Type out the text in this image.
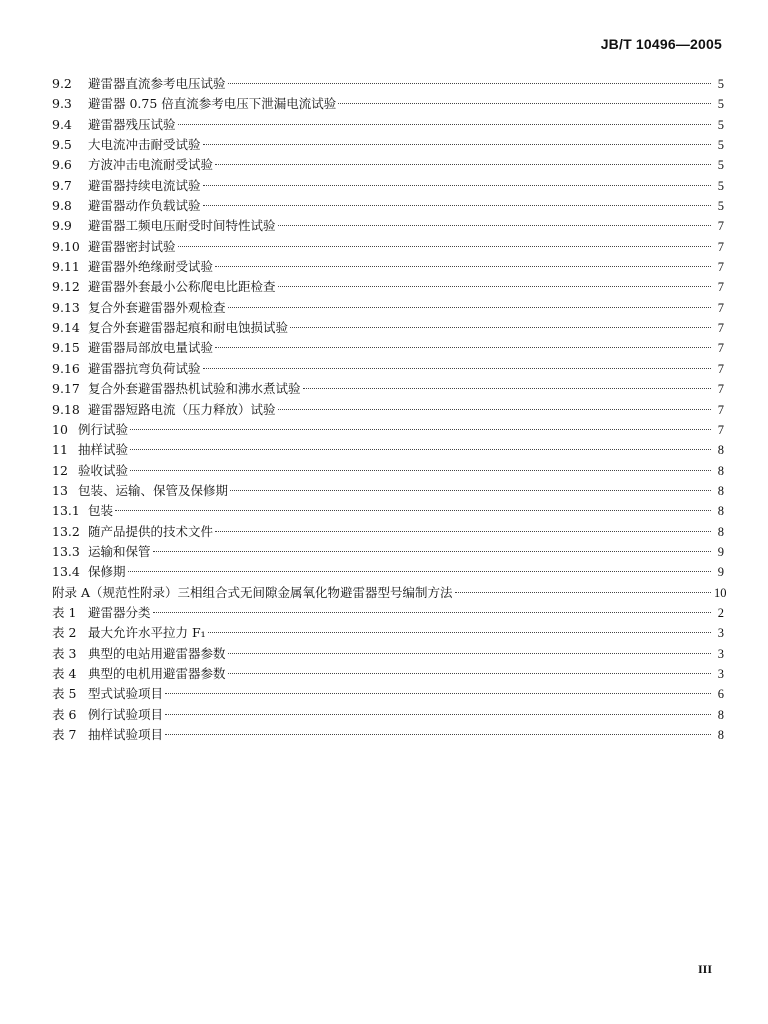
JB/T 10496—2005
9.2	避雷器直流参考电压试验	5
9.3	避雷器 0.75 倍直流参考电压下泄漏电流试验	5
9.4	避雷器残压试验	5
9.5	大电流冲击耐受试验	5
9.6	方波冲击电流耐受试验	5
9.7	避雷器持续电流试验	5
9.8	避雷器动作负载试验	5
9.9	避雷器工频电压耐受时间特性试验	7
9.10 避雷器密封试验	7
9.11 避雷器外绝缘耐受试验	7
9.12 避雷器外套最小公称爬电比距检查	7
9.13 复合外套避雷器外观检查	7
9.14 复合外套避雷器起痕和耐电蚀损试验	7
9.15 避雷器局部放电量试验	7
9.16 避雷器抗弯负荷试验	7
9.17 复合外套避雷器热机试验和沸水煮试验	7
9.18 避雷器短路电流（压力释放）试验	7
10 例行试验	7
11 抽样试验	8
12 验收试验	8
13 包装、运输、保管及保修期	8
13.1 包装	8
13.2 随产品提供的技术文件	8
13.3 运输和保管	9
13.4 保修期	9
附录 A （规范性附录）三相组合式无间隙金属氧化物避雷器型号编制方法	10
表 1 避雷器分类	2
表 2 最大允许水平拉力 F₁	3
表 3 典型的电站用避雷器参数	3
表 4 典型的电机用避雷器参数	3
表 5 型式试验项目	6
表 6 例行试验项目	8
表 7 抽样试验项目	8
III
